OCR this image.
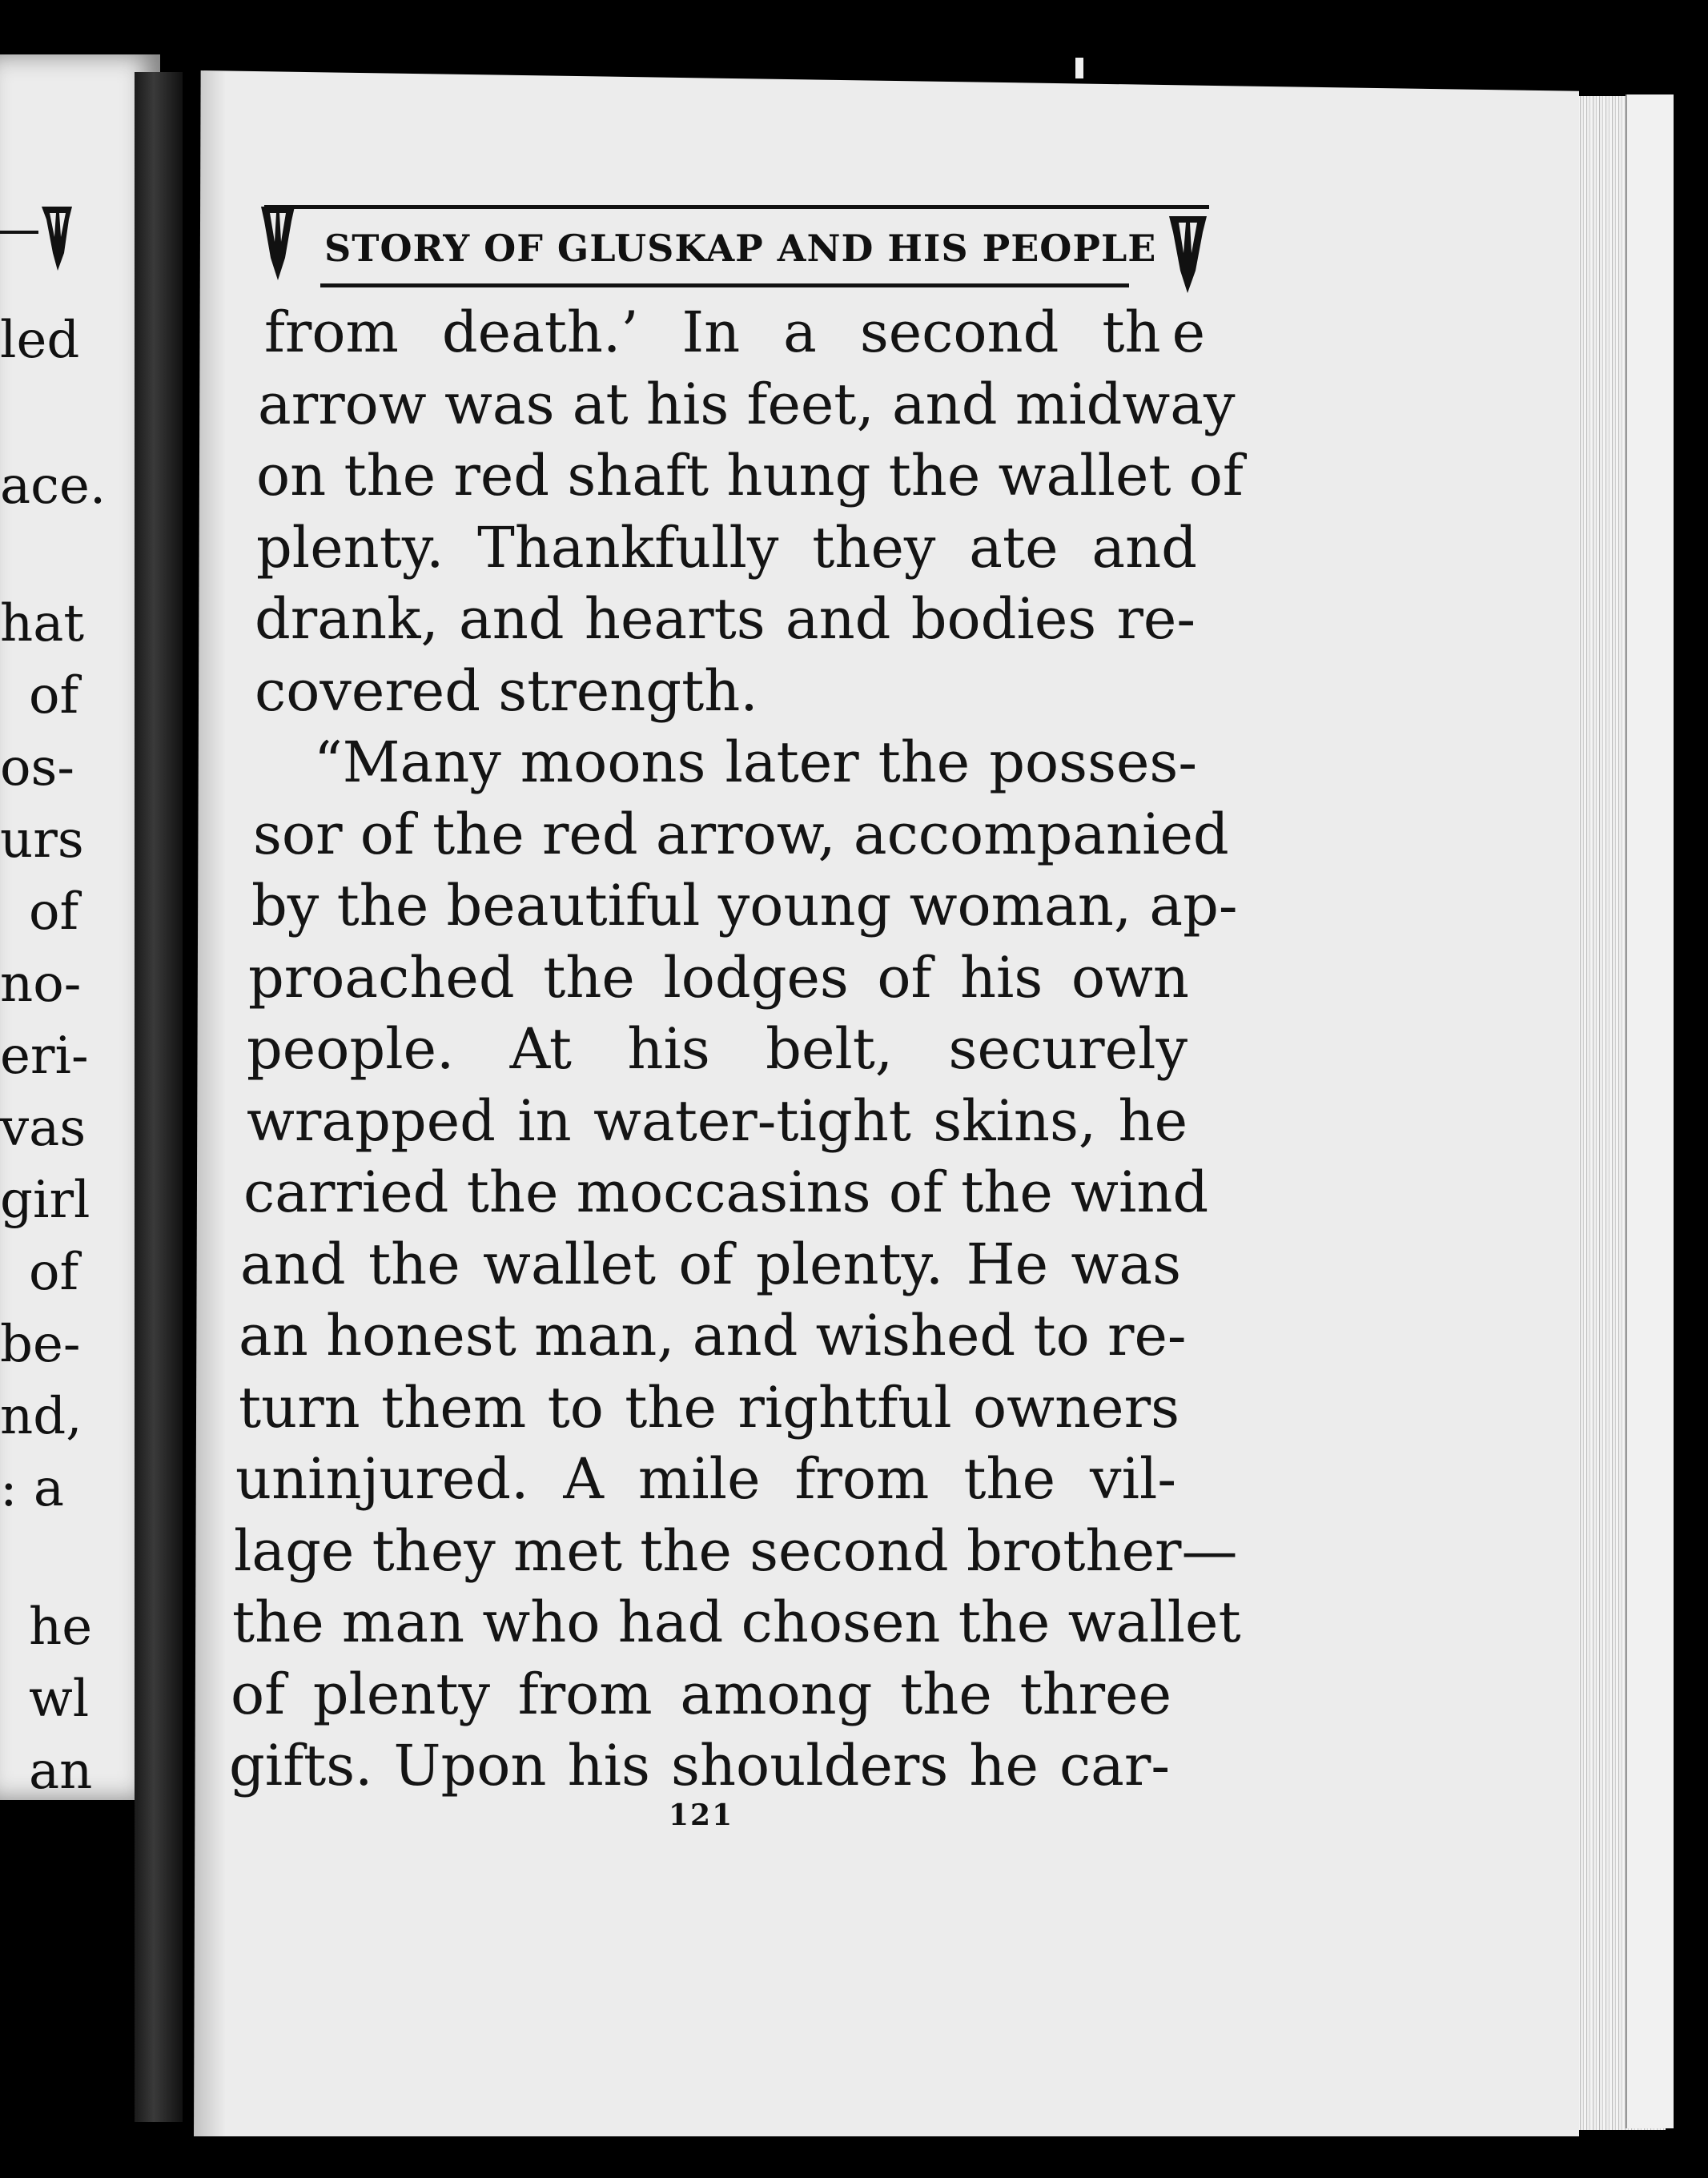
led
ace.
hat
of
os-
urs
of
no-
eri-
vas
girl
of
be-
nd,
: a
he
wl
an
STORY OF GLUSKAP AND HIS PEOPLE
from death.’ In a second th e
arrow was at his feet, and midway
on the red shaft hung the wallet of
plenty. Thankfully they ate and
drank, and hearts and bodies re-
covered strength.
“Many moons later the posses-
sor of the red arrow, accompanied
by the beautiful young woman, ap-
proached the lodges of his own
people. At his belt, securely
wrapped in water-tight skins, he
carried the moccasins of the wind
and the wallet of plenty. He was
an honest man, and wished to re-
turn them to the rightful owners
uninjured. A mile from the vil-
lage they met the second brother—
the man who had chosen the wallet
of plenty from among the three
gifts. Upon his shoulders he car-
121
